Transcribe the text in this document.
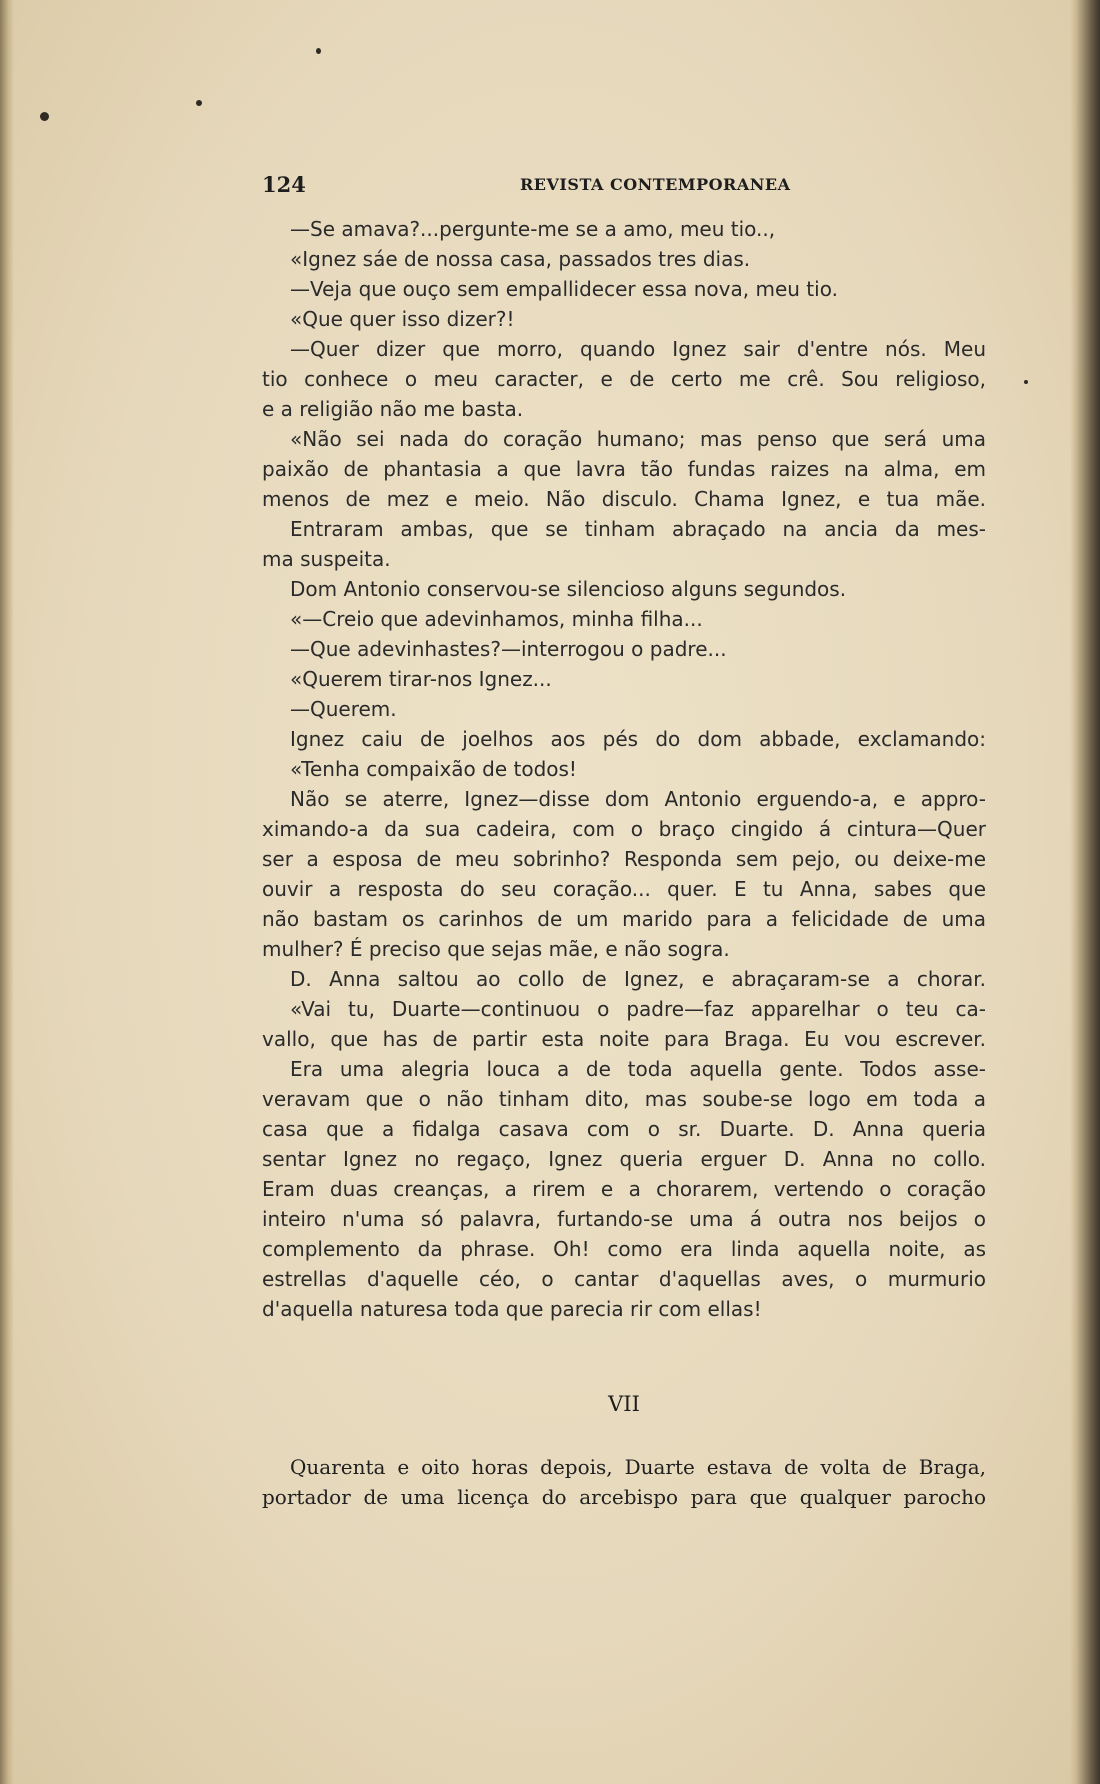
124	REVISTA CONTEMPORANEA
—Se amava?...pergunte-me se a amo, meu tio..,
«Ignez sáe de nossa casa, passados tres dias.
—Veja que ouço sem empallidecer essa nova, meu tio.
«Que quer isso dizer?!
—Quer dizer que morro, quando Ignez sair d'entre nós. Meu
tio conhece o meu caracter, e de certo me crê. Sou religioso,
e a religião não me basta.
«Não sei nada do coração humano; mas penso que será uma
paixão de phantasia a que lavra tão fundas raizes na alma, em
menos de mez e meio. Não disculo. Chama Ignez, e tua mãe.
Entraram ambas, que se tinham abraçado na ancia da mes-
ma suspeita.
Dom Antonio conservou-se silencioso alguns segundos.
«—Creio que adevinhamos, minha filha...
—Que adevinhastes?—interrogou o padre...
«Querem tirar-nos Ignez...
—Querem.
Ignez caiu de joelhos aos pés do dom abbade, exclamando:
«Tenha compaixão de todos!
Não se aterre, Ignez—disse dom Antonio erguendo-a, e appro-
ximando-a da sua cadeira, com o braço cingido á cintura—Quer
ser a esposa de meu sobrinho? Responda sem pejo, ou deixe-me
ouvir a resposta do seu coração... quer. E tu Anna, sabes que
não bastam os carinhos de um marido para a felicidade de uma
mulher? É preciso que sejas mãe, e não sogra.
D. Anna saltou ao collo de Ignez, e abraçaram-se a chorar.
«Vai tu, Duarte—continuou o padre—faz apparelhar o teu ca-
vallo, que has de partir esta noite para Braga. Eu vou escrever.
Era uma alegria louca a de toda aquella gente. Todos asse-
veravam que o não tinham dito, mas soube-se logo em toda a
casa que a fidalga casava com o sr. Duarte. D. Anna queria
sentar Ignez no regaço, Ignez queria erguer D. Anna no collo.
Eram duas creanças, a rirem e a chorarem, vertendo o coração
inteiro n'uma só palavra, furtando-se uma á outra nos beijos o
complemento da phrase. Oh! como era linda aquella noite, as
estrellas d'aquelle céo, o cantar d'aquellas aves, o murmurio
d'aquella naturesa toda que parecia rir com ellas!
VII
Quarenta e oito horas depois, Duarte estava de volta de Braga,
portador de uma licença do arcebispo para que qualquer parocho
